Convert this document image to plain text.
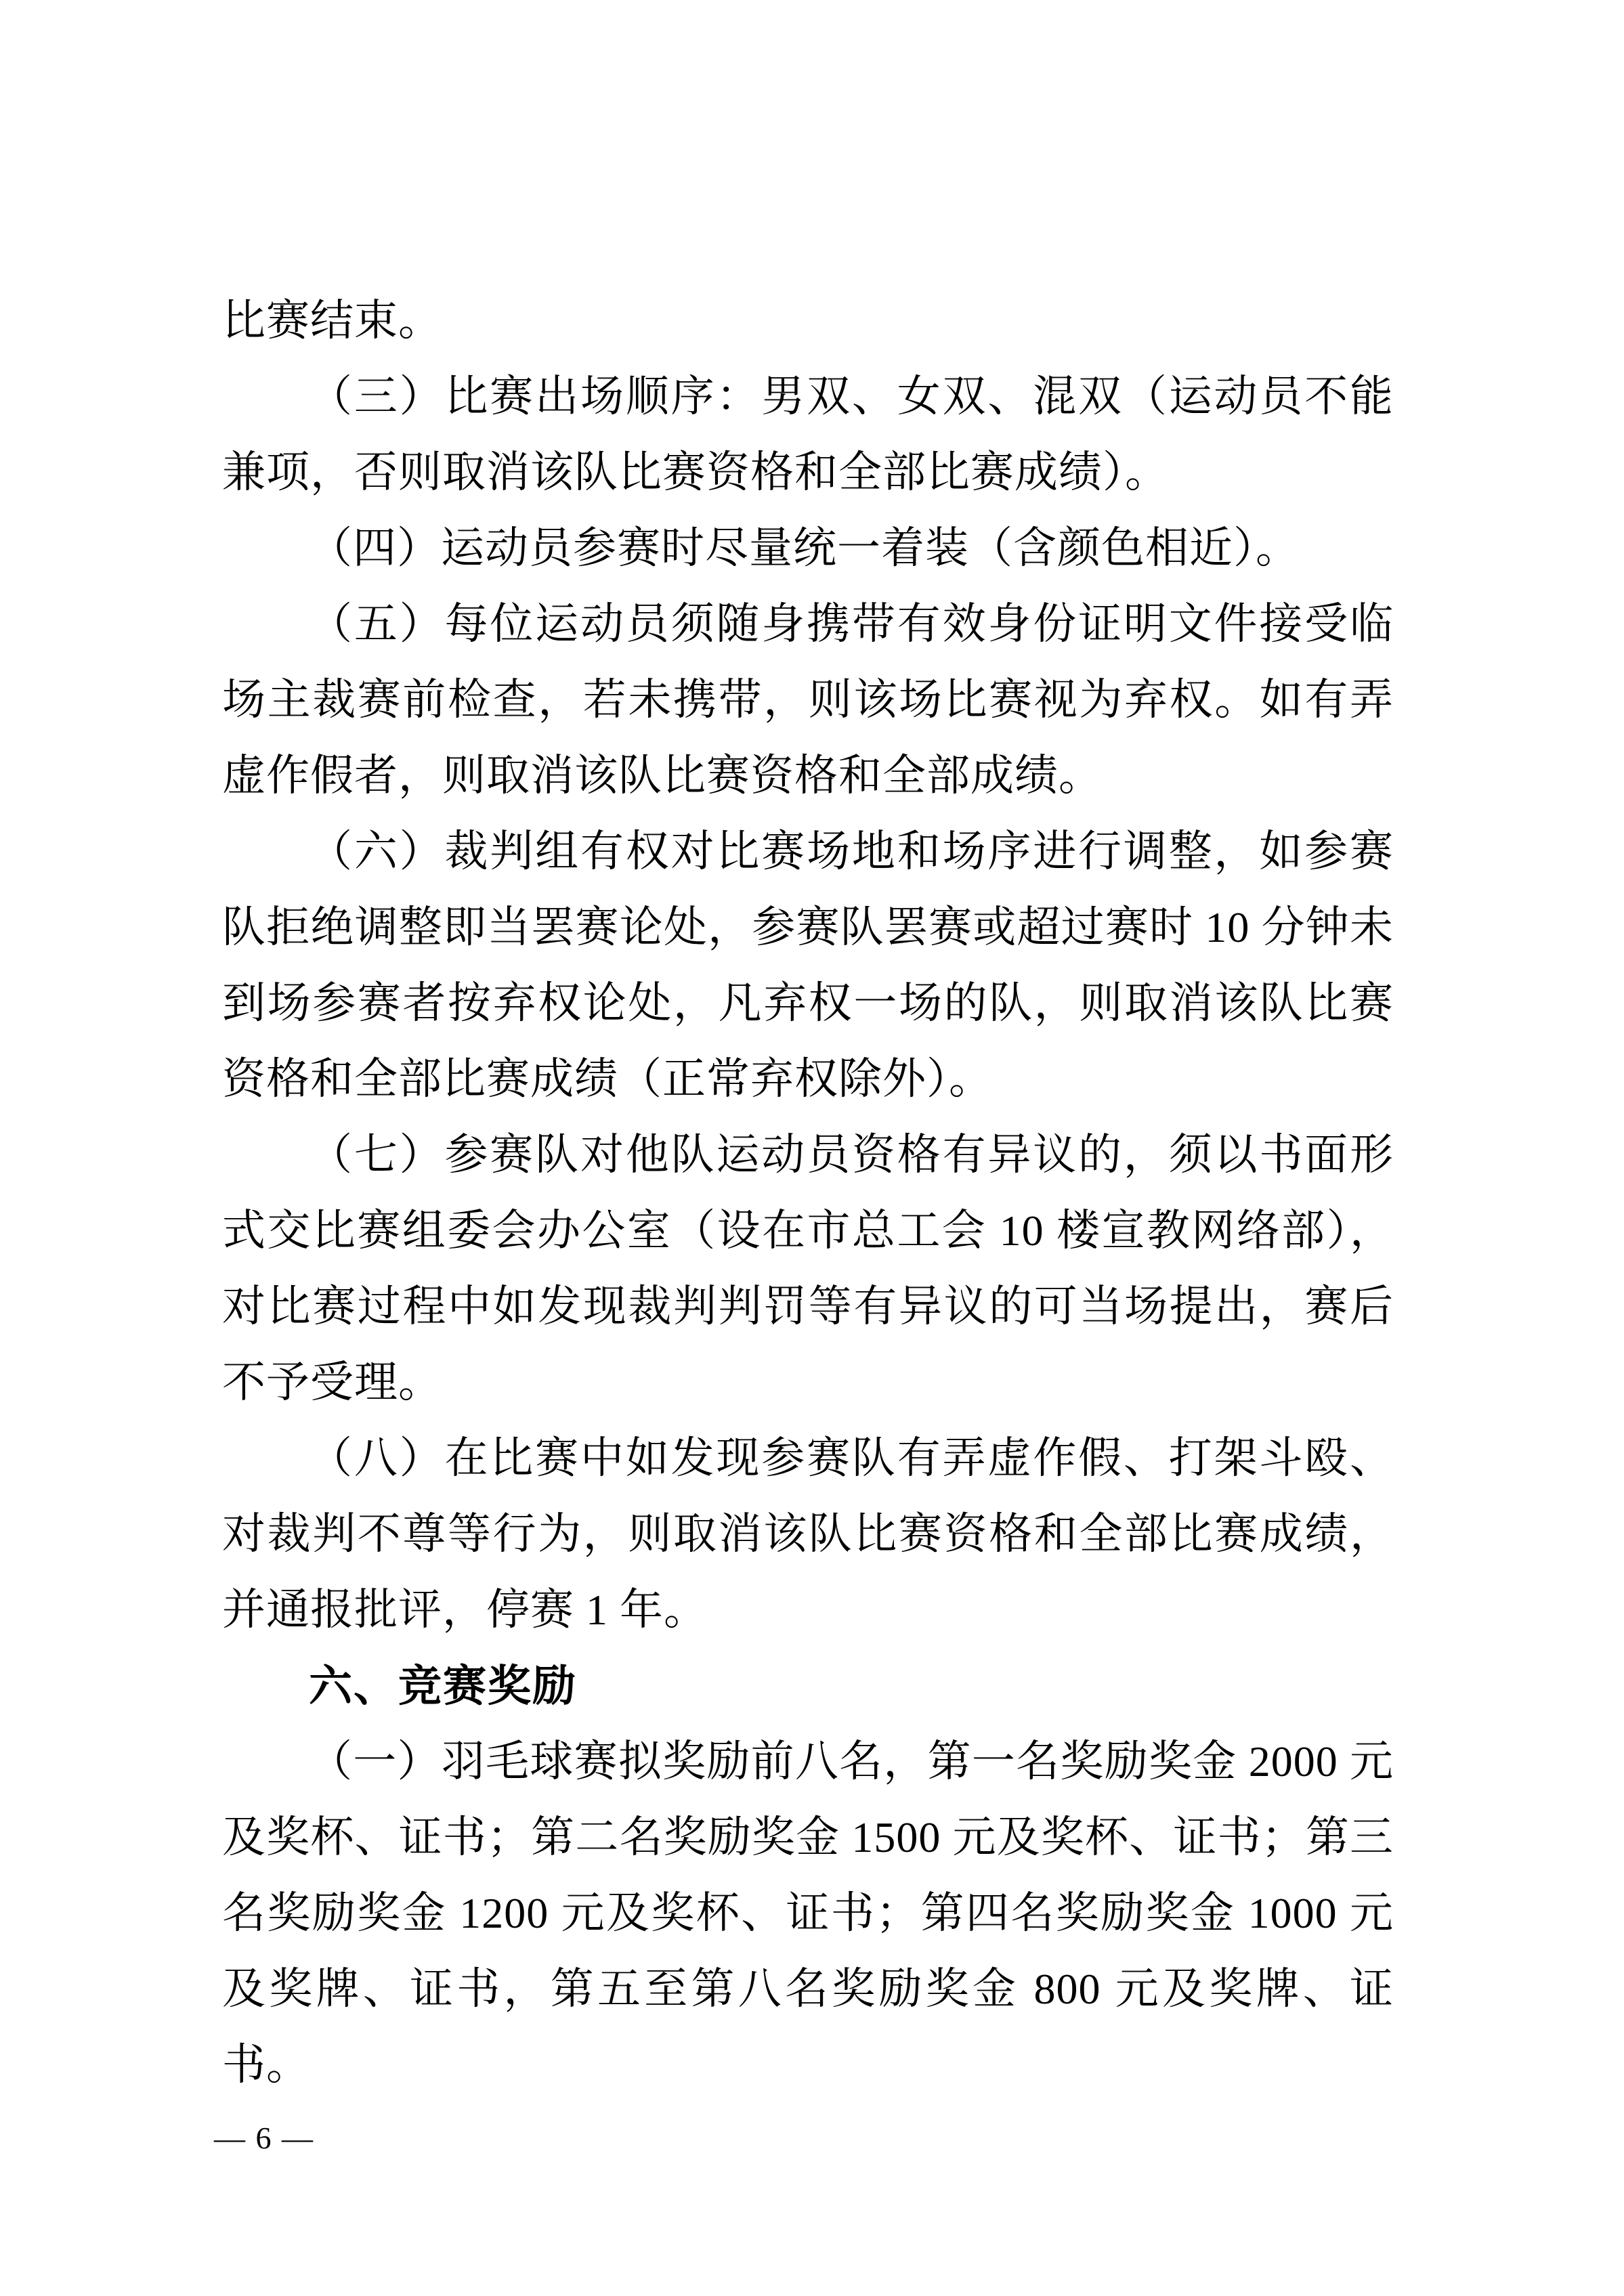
比赛结束。

（三）比赛出场顺序：男双、女双、混双（运动员不能兼项，否则取消该队比赛资格和全部比赛成绩）。

（四）运动员参赛时尽量统一着装（含颜色相近）。

（五）每位运动员须随身携带有效身份证明文件接受临场主裁赛前检查，若未携带，则该场比赛视为弃权。如有弄虚作假者，则取消该队比赛资格和全部成绩。

（六）裁判组有权对比赛场地和场序进行调整，如参赛队拒绝调整即当罢赛论处，参赛队罢赛或超过赛时 10 分钟未到场参赛者按弃权论处，凡弃权一场的队，则取消该队比赛资格和全部比赛成绩（正常弃权除外）。

（七）参赛队对他队运动员资格有异议的，须以书面形式交比赛组委会办公室（设在市总工会 10 楼宣教网络部），对比赛过程中如发现裁判判罚等有异议的可当场提出，赛后不予受理。

（八）在比赛中如发现参赛队有弄虚作假、打架斗殴、对裁判不尊等行为，则取消该队比赛资格和全部比赛成绩，并通报批评，停赛 1 年。

六、竞赛奖励

（一）羽毛球赛拟奖励前八名，第一名奖励奖金 2000 元及奖杯、证书；第二名奖励奖金 1500 元及奖杯、证书；第三名奖励奖金 1200 元及奖杯、证书；第四名奖励奖金 1000 元及奖牌、证书，第五至第八名奖励奖金 800 元及奖牌、证书。

— 6 —
